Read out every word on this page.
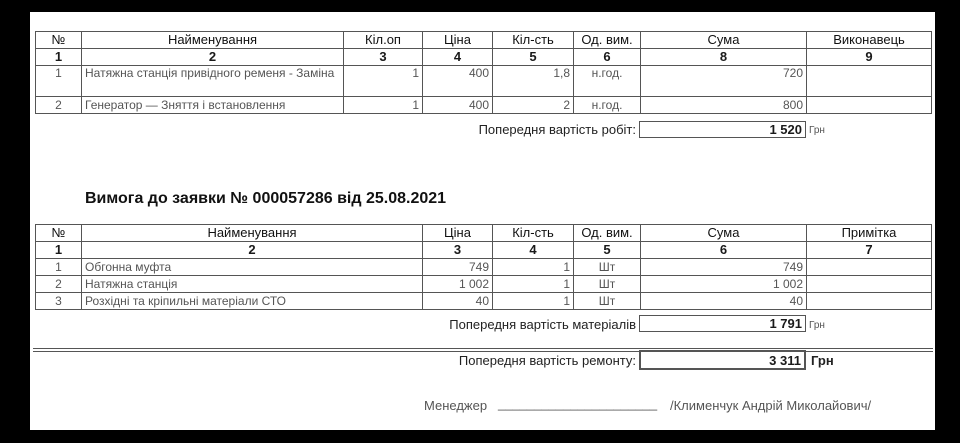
№	Найменування	Кіл.оп	Ціна	Кіл-сть	Од. вим.	Сума	Виконавець
1	2	3	4	5	6	8	9
1	Натяжна станція привідного ременя - Заміна	1	400	1,8	н.год.	720	
2	Генератор — Зняття і встановлення	1	400	2	н.год.	800	
Попередня вартість робіт:	1 520 Грн
Вимога до заявки № 000057286 від 25.08.2021
№	Найменування	Ціна	Кіл-сть	Од. вим.	Сума	Примітка
1	2	3	4	5	6	7
1	Обгонна муфта	749	1	Шт	749	
2	Натяжна станція	1 002	1	Шт	1 002	
3	Розхідні та кріпильні матеріали СТО	40	1	Шт	40	
Попередня вартість матеріалів	1 791 Грн
Попередня вартість ремонту:	3 311 Грн
Менеджер ______________________ /Клименчук Андрій Миколайович/
